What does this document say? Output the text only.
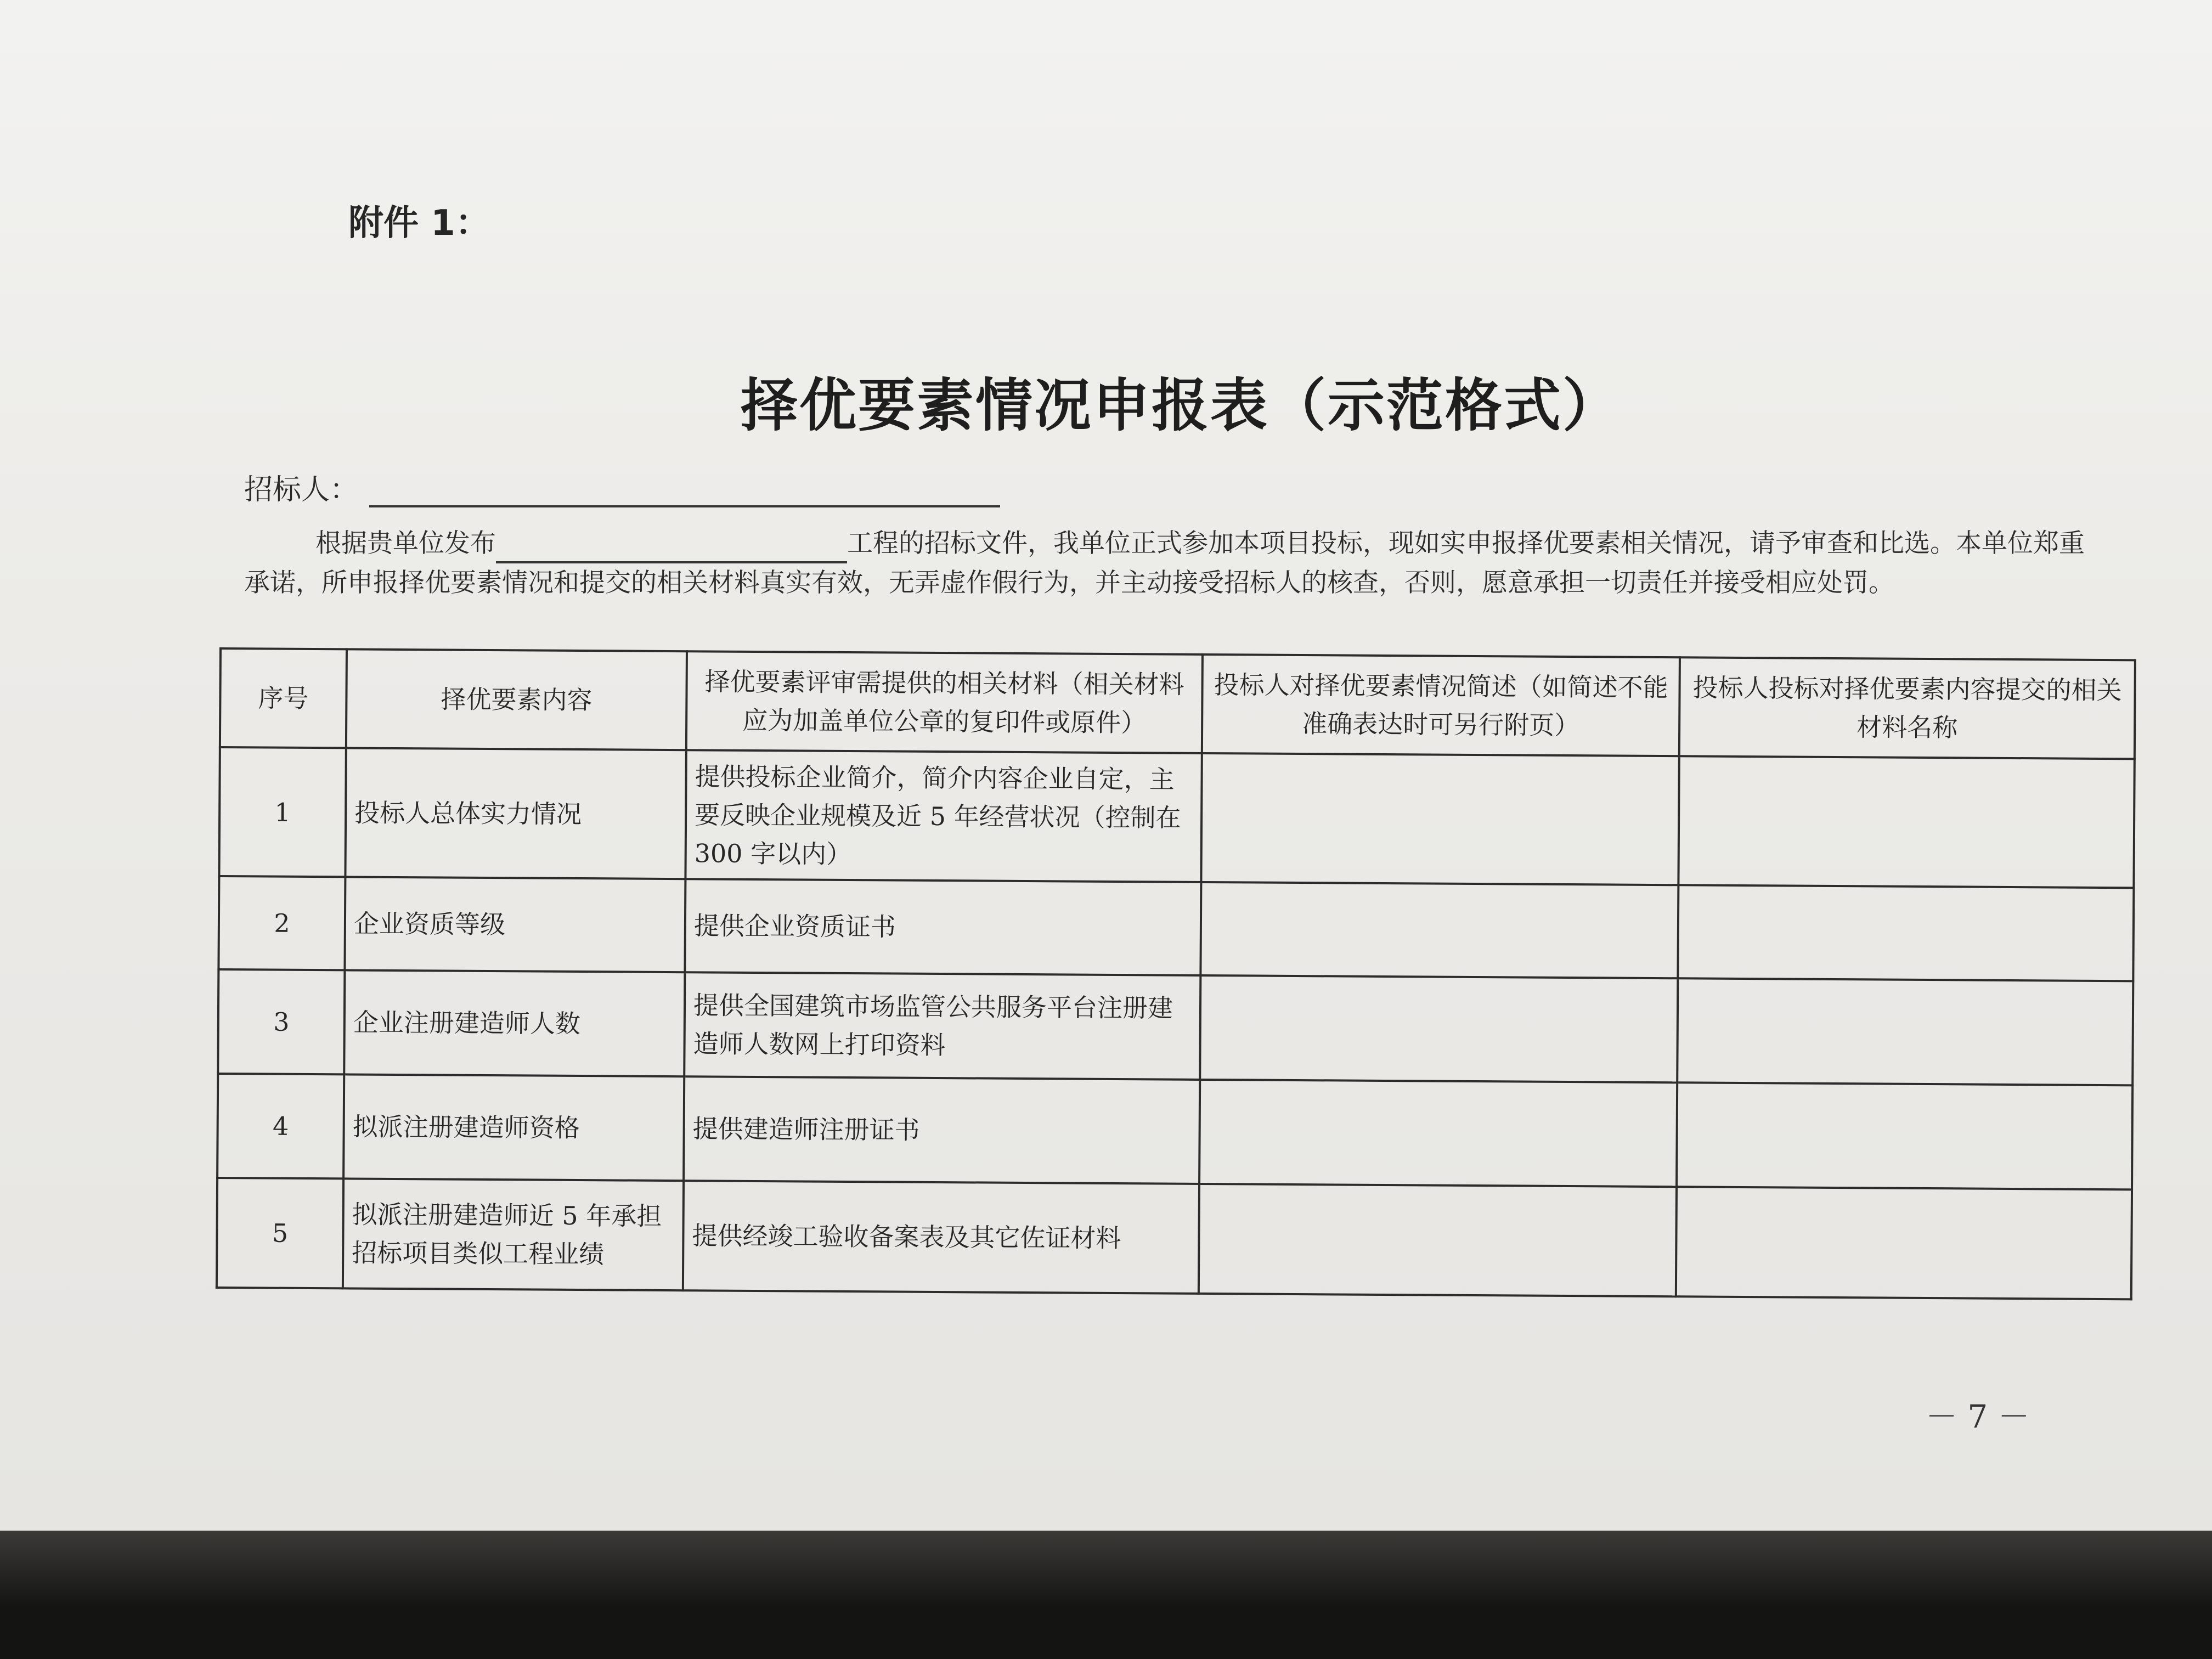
附件 1：
择优要素情况申报表（示范格式）
招标人：
根据贵单位发布	工程的招标文件，我单位正式参加本项目投标，现如实申报择优要素相关情况，请予审查和比选。本单位郑重承诺，所申报择优要素情况和提交的相关材料真实有效，无弄虚作假行为，并主动接受招标人的核查，否则，愿意承担一切责任并接受相应处罚。
序号	择优要素内容	择优要素评审需提供的相关材料（相关材料应为加盖单位公章的复印件或原件）	投标人对择优要素情况简述（如简述不能准确表达时可另行附页）	投标人投标对择优要素内容提交的相关材料名称
1	投标人总体实力情况	提供投标企业简介，简介内容企业自定，主要反映企业规模及近 5 年经营状况（控制在 300 字以内）		
2	企业资质等级	提供企业资质证书		
3	企业注册建造师人数	提供全国建筑市场监管公共服务平台注册建造师人数网上打印资料		
4	拟派注册建造师资格	提供建造师注册证书		
5	拟派注册建造师近 5 年承担招标项目类似工程业绩	提供经竣工验收备案表及其它佐证材料		
－ 7 －
